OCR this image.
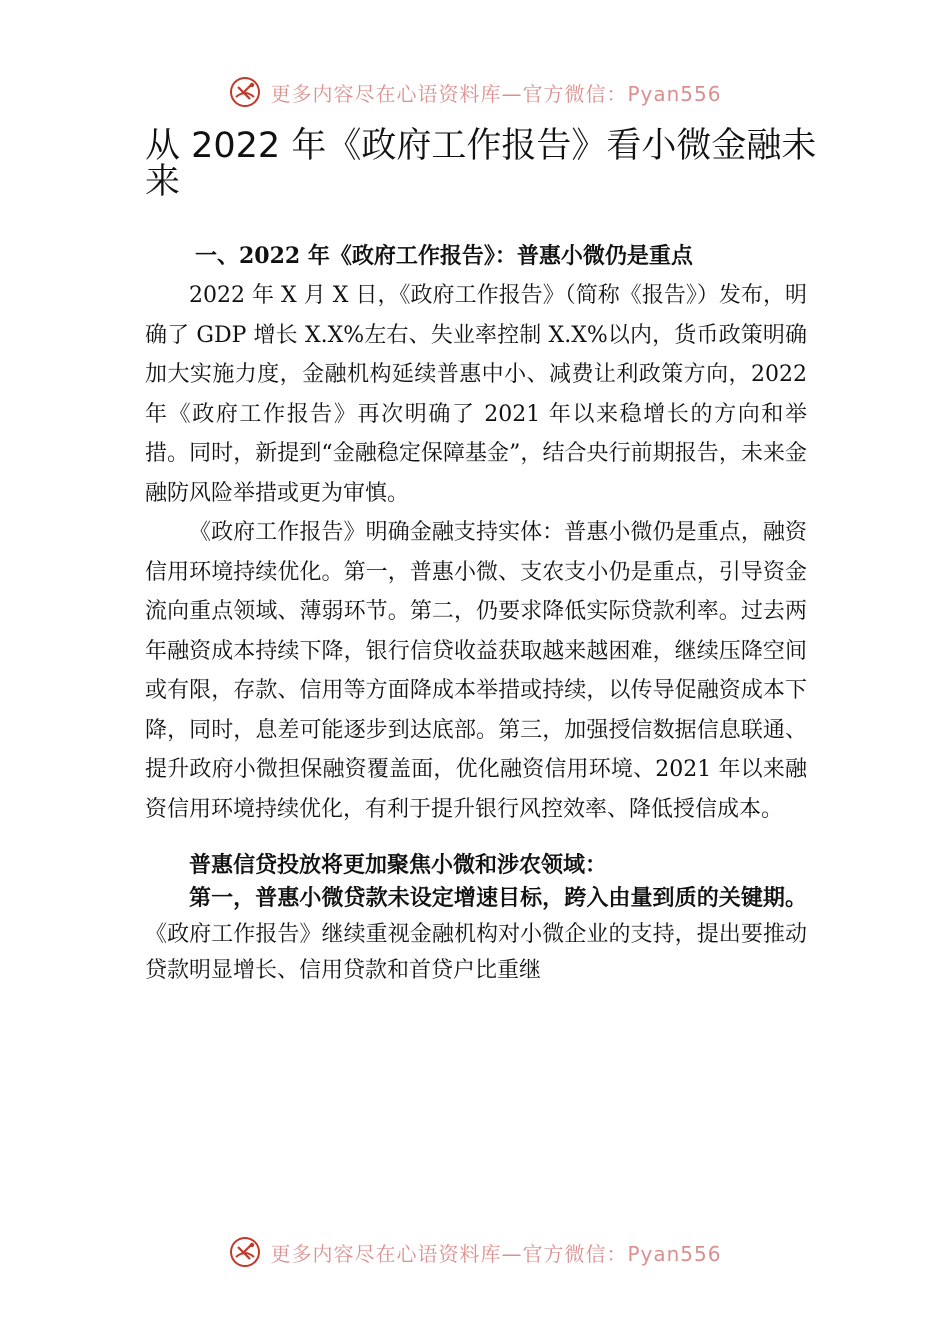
更多内容尽在心语资料库—官方微信：Pyan556
从 2022 年《政府工作报告》看小微金融未来

一、2022 年《政府工作报告》：普惠小微仍是重点

2022 年 X 月 X 日，《政府工作报告》（简称《报告》）发布，明确了 GDP 增长 X.X%左右、失业率控制 X.X%以内，货币政策明确加大实施力度，金融机构延续普惠中小、减费让利政策方向，2022 年《政府工作报告》再次明确了 2021 年以来稳增长的方向和举措。同时，新提到“金融稳定保障基金”，结合央行前期报告，未来金融防风险举措或更为审慎。

《政府工作报告》明确金融支持实体：普惠小微仍是重点，融资信用环境持续优化。第一，普惠小微、支农支小仍是重点，引导资金流向重点领域、薄弱环节。第二，仍要求降低实际贷款利率。过去两年融资成本持续下降，银行信贷收益获取越来越困难，继续压降空间或有限，存款、信用等方面降成本举措或持续，以传导促融资成本下降，同时，息差可能逐步到达底部。第三，加强授信数据信息联通、提升政府小微担保融资覆盖面，优化融资信用环境、2021 年以来融资信用环境持续优化，有利于提升银行风控效率、降低授信成本。

普惠信贷投放将更加聚焦小微和涉农领域：

第一，普惠小微贷款未设定增速目标，跨入由量到质的关键期。《政府工作报告》继续重视金融机构对小微企业的支持，提出要推动贷款明显增长、信用贷款和首贷户比重继

更多内容尽在心语资料库—官方微信：Pyan556
